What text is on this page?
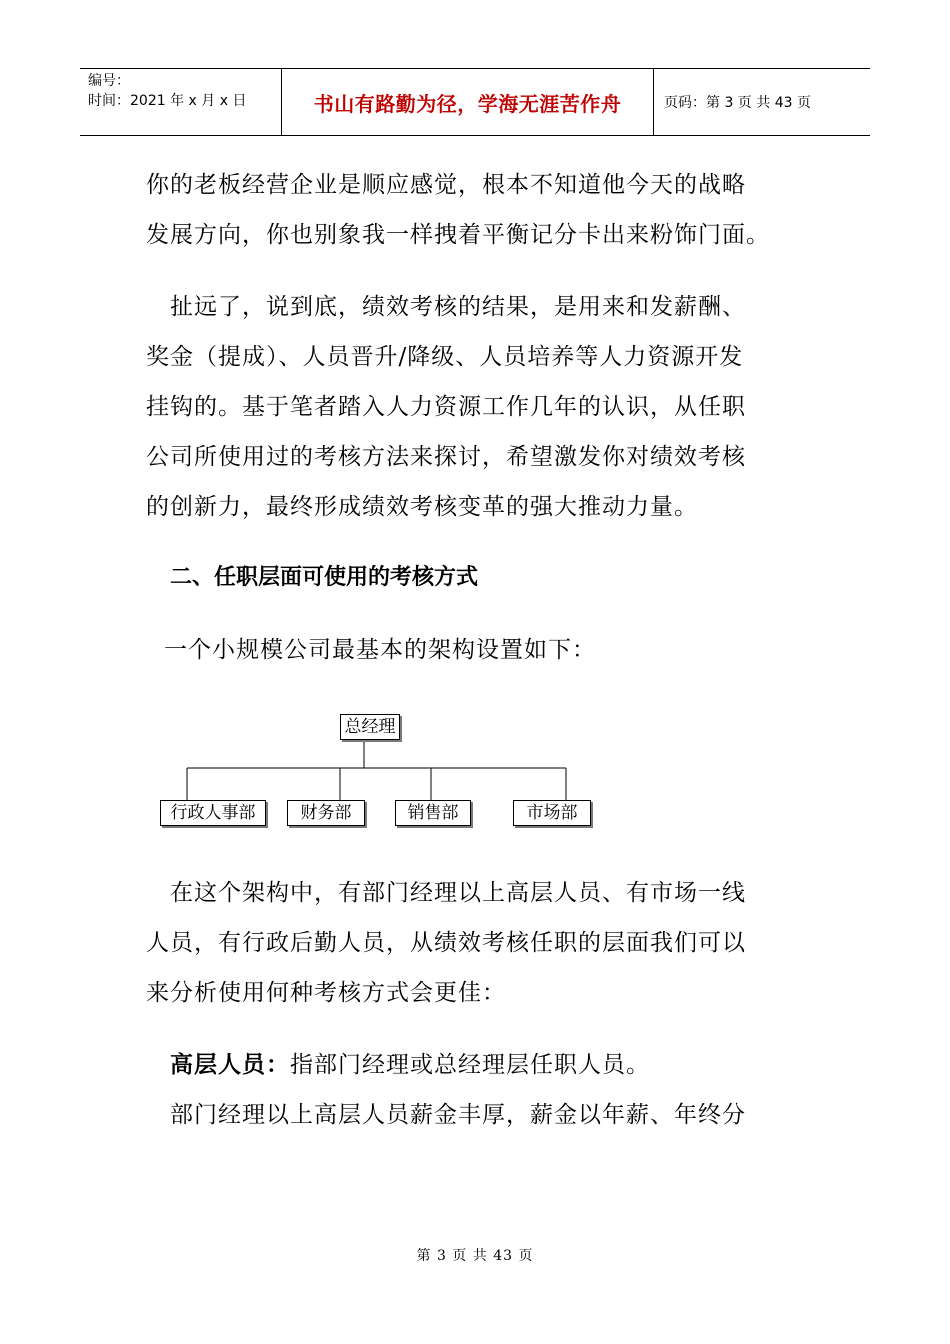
编号：
时间：2021 年 x 月 x 日	书山有路勤为径，学海无涯苦作舟	页码：第 3 页 共 43 页
你的老板经营企业是顺应感觉，根本不知道他今天的战略
发展方向，你也别象我一样拽着平衡记分卡出来粉饰门面。
扯远了，说到底，绩效考核的结果，是用来和发薪酬、
奖金（提成）、人员晋升/降级、人员培养等人力资源开发
挂钩的。基于笔者踏入人力资源工作几年的认识，从任职
公司所使用过的考核方法来探讨，希望激发你对绩效考核
的创新力，最终形成绩效考核变革的强大推动力量。
二、任职层面可使用的考核方式
一个小规模公司最基本的架构设置如下：
总经理
行政人事部	财务部	销售部	市场部
在这个架构中，有部门经理以上高层人员、有市场一线
人员，有行政后勤人员，从绩效考核任职的层面我们可以
来分析使用何种考核方式会更佳：
高层人员：指部门经理或总经理层任职人员。
部门经理以上高层人员薪金丰厚，薪金以年薪、年终分
第 3 页 共 43 页
